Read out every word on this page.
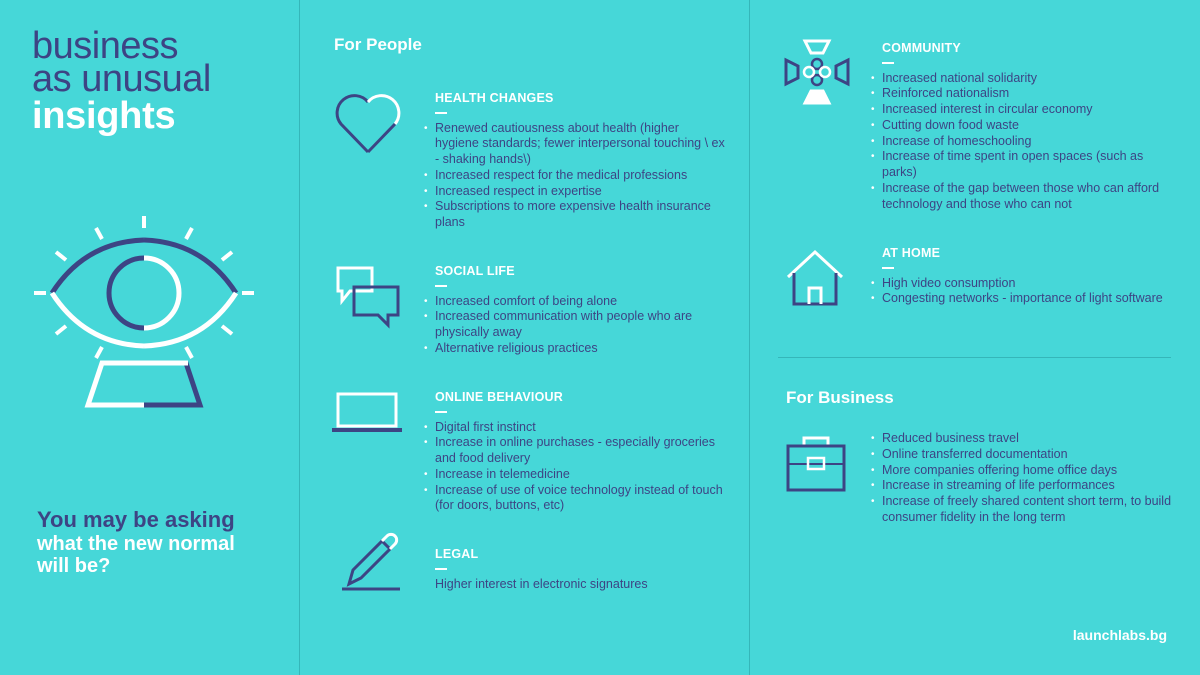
business
as unusual
insights
You may be asking
what the new normal will be?
For People
HEALTH CHANGES
• Renewed cautiousness about health (higher hygiene standards; fewer interpersonal touching \ ex - shaking hands\)
• Increased respect for the medical professions
• Increased respect in expertise
• Subscriptions to more expensive health insurance plans
SOCIAL LIFE
• Increased comfort of being alone
• Increased communication with people who are physically away
• Alternative religious practices
ONLINE BEHAVIOUR
• Digital first instinct
• Increase in online purchases - especially groceries and food delivery
• Increase in telemedicine
• Increase of use of voice technology instead of touch (for doors, buttons, etc)
LEGAL
Higher interest in electronic signatures
COMMUNITY
• Increased national solidarity
• Reinforced nationalism
• Increased interest in circular economy
• Cutting down food waste
• Increase of homeschooling
• Increase of time spent in open spaces (such as parks)
• Increase of the gap between those who can afford technology and those who can not
AT HOME
• High video consumption
• Congesting networks - importance of light software
For Business
• Reduced business travel
• Online transferred documentation
• More companies offering home office days
• Increase in streaming of life performances
• Increase of freely shared content short term, to build consumer fidelity in the long term
launchlabs.bg
